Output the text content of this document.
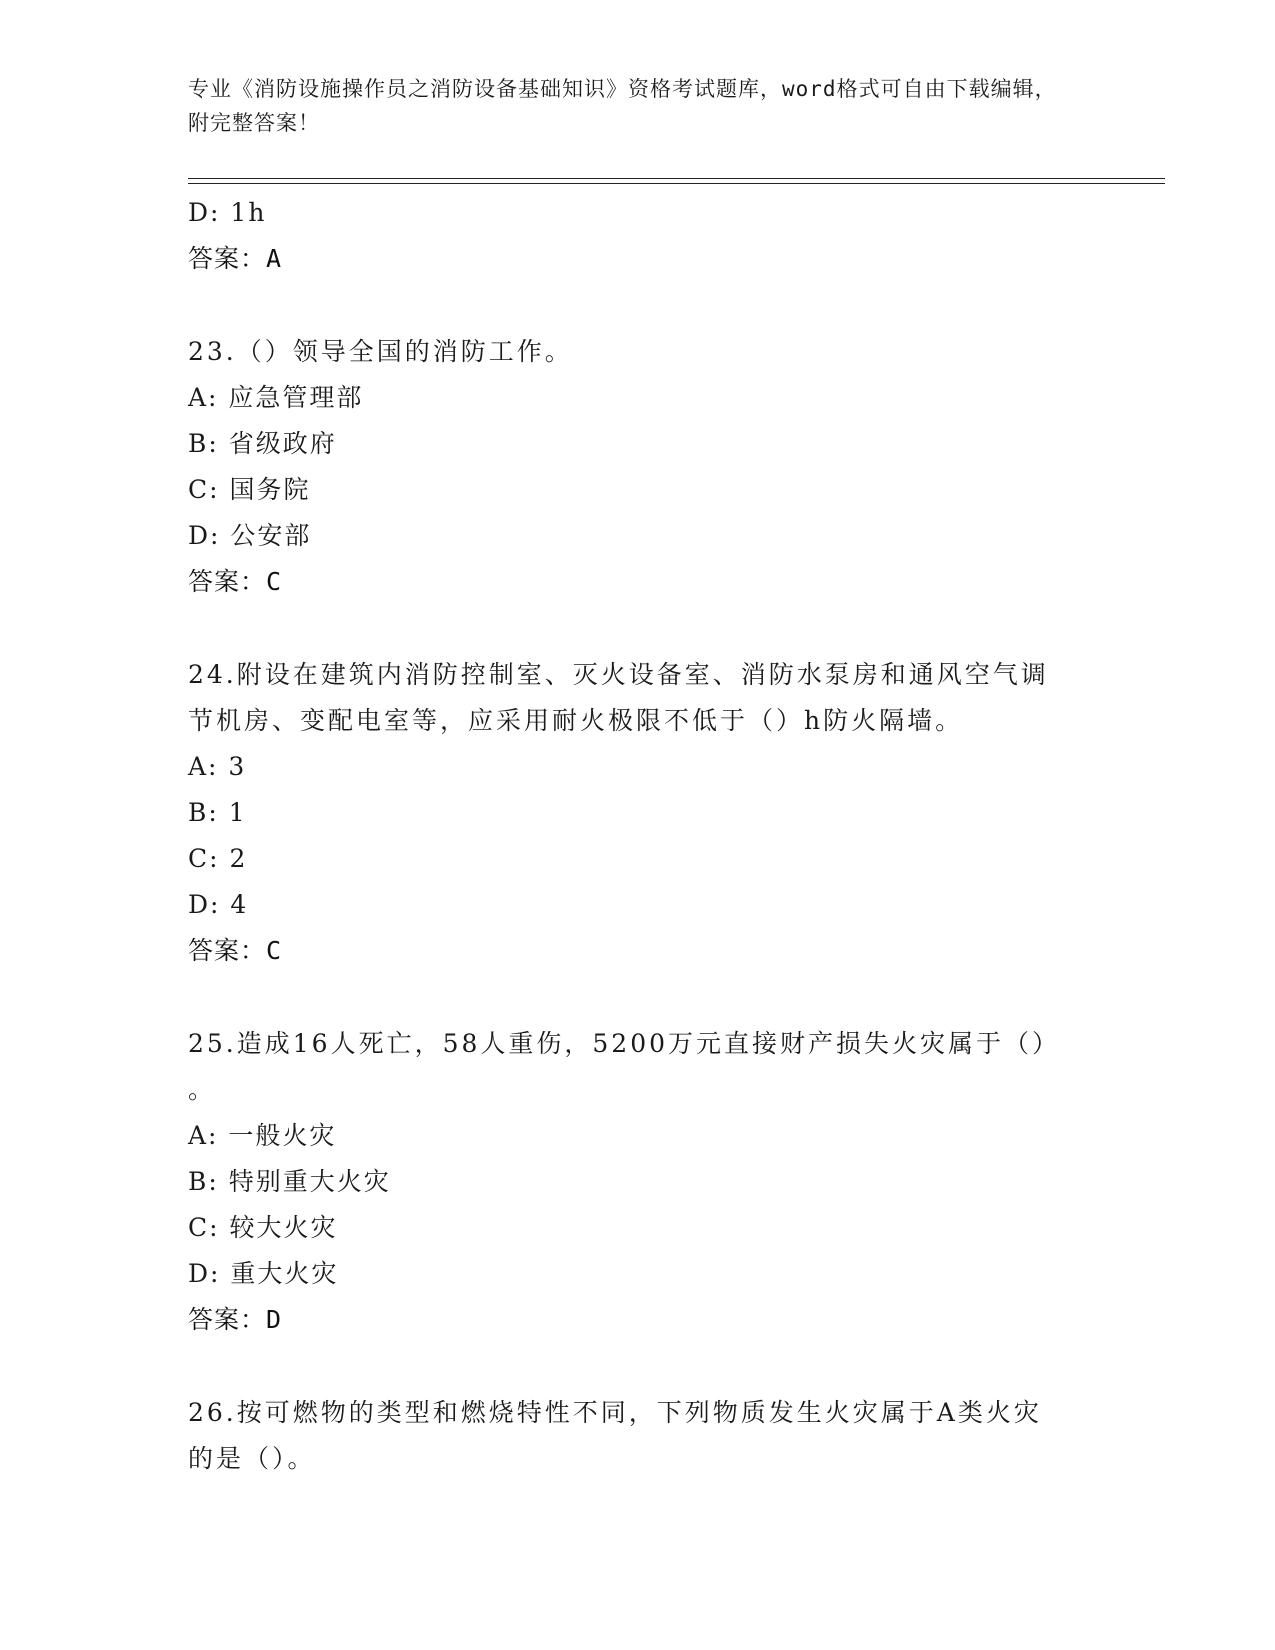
专业《消防设施操作员之消防设备基础知识》资格考试题库，word格式可自由下载编辑，附完整答案！
D: 1h
答案：A
23.（）领导全国的消防工作。
A: 应急管理部
B: 省级政府
C: 国务院
D: 公安部
答案：C
24.附设在建筑内消防控制室、灭火设备室、消防水泵房和通风空气调
节机房、变配电室等，应采用耐火极限不低于（）h防火隔墙。
A: 3
B: 1
C: 2
D: 4
答案：C
25.造成16人死亡，58人重伤，5200万元直接财产损失火灾属于（）
。
A: 一般火灾
B: 特别重大火灾
C: 较大火灾
D: 重大火灾
答案：D
26.按可燃物的类型和燃烧特性不同，下列物质发生火灾属于A类火灾
的是（）。
